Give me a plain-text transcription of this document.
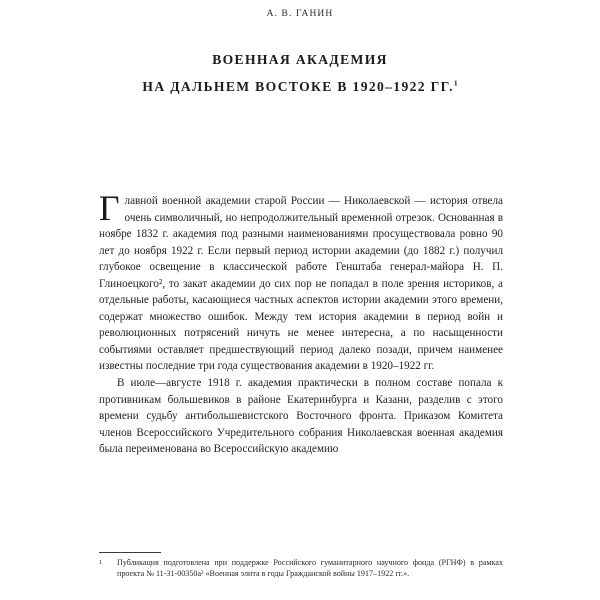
А. В. ГАНИН
ВОЕННАЯ АКАДЕМИЯ
НА ДАЛЬНЕМ ВОСТОКЕ В 1920–1922 ГГ.$^1$

Главной военной академии старой России — Николаевской — история отвела очень символичный, но непродолжительный временной отрезок. Основанная в ноябре 1832 г. академия под разными наименованиями просуществовала ровно 90 лет до ноября 1922 г. Если первый период истории академии (до 1882 г.) получил глубокое освещение в классической работе Генштаба генерал-майора Н. П. Глиноецкого², то закат академии до сих пор не попадал в поле зрения историков, а отдельные работы, касающиеся частных аспектов истории академии этого времени, содержат множество ошибок. Между тем история академии в период войн и революционных потрясений ничуть не менее интересна, а по насыщенности событиями оставляет предшествующий период далеко позади, причем наименее известны последние три года существования академии в 1920–1922 гг.

В июле—августе 1918 г. академия практически в полном составе попала к противникам большевиков в районе Екатеринбурга и Казани, разделив с этого времени судьбу антибольшевистского Восточного фронта. Приказом Комитета членов Всероссийского Учредительного собрания Николаевская военная академия была переименована во Всероссийскую академию

1	Публикация подготовлена при поддержке Российского гуманитарного научного фонда (РГНФ) в рамках проекта № 11-31-00350а² «Военная элита в годы Гражданской войны 1917–1922 гг.».
